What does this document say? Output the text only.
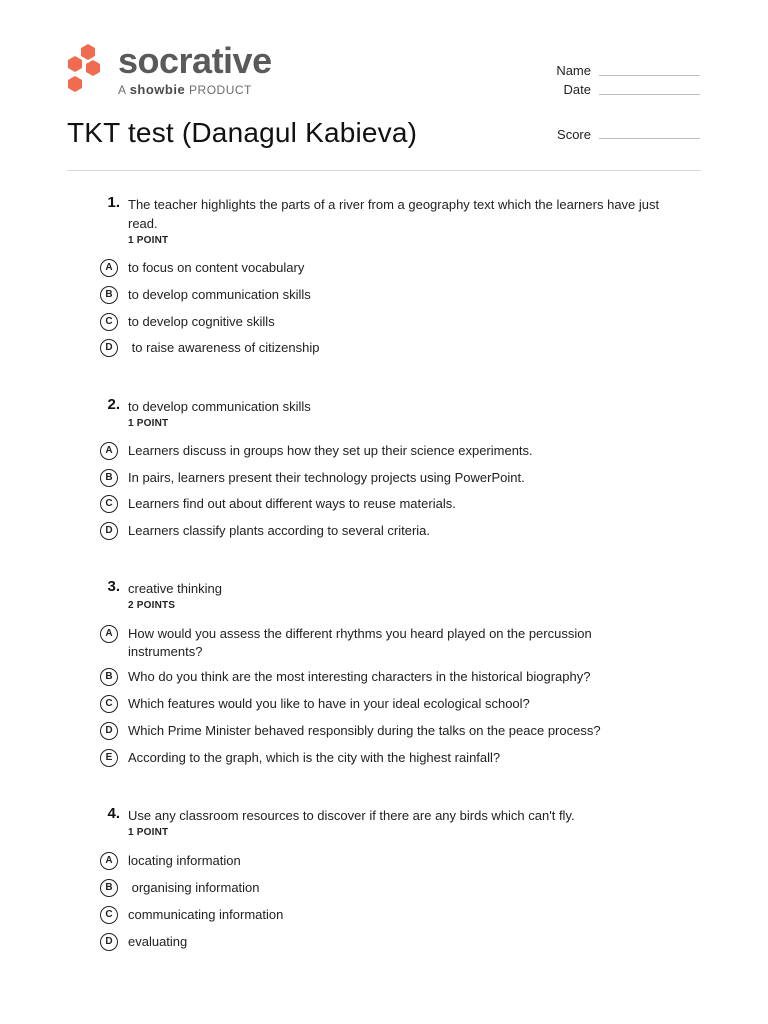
socrative
A showbie PRODUCT
Name
Date
Score
TKT test (Danagul Kabieva)
1. The teacher highlights the parts of a river from a geography text which the learners have just read.
1 POINT
A	to focus on content vocabulary
B	to develop communication skills
C	to develop cognitive skills
D	to raise awareness of citizenship
2. to develop communication skills
1 POINT
A	Learners discuss in groups how they set up their science experiments.
B	In pairs, learners present their technology projects using PowerPoint.
C	Learners find out about different ways to reuse materials.
D	Learners classify plants according to several criteria.
3. creative thinking
2 POINTS
A	How would you assess the different rhythms you heard played on the percussion instruments?
B	Who do you think are the most interesting characters in the historical biography?
C	Which features would you like to have in your ideal ecological school?
D	Which Prime Minister behaved responsibly during the talks on the peace process?
E	According to the graph, which is the city with the highest rainfall?
4. Use any classroom resources to discover if there are any birds which can't fly.
1 POINT
A	locating information
B	organising information
C	communicating information
D	evaluating
